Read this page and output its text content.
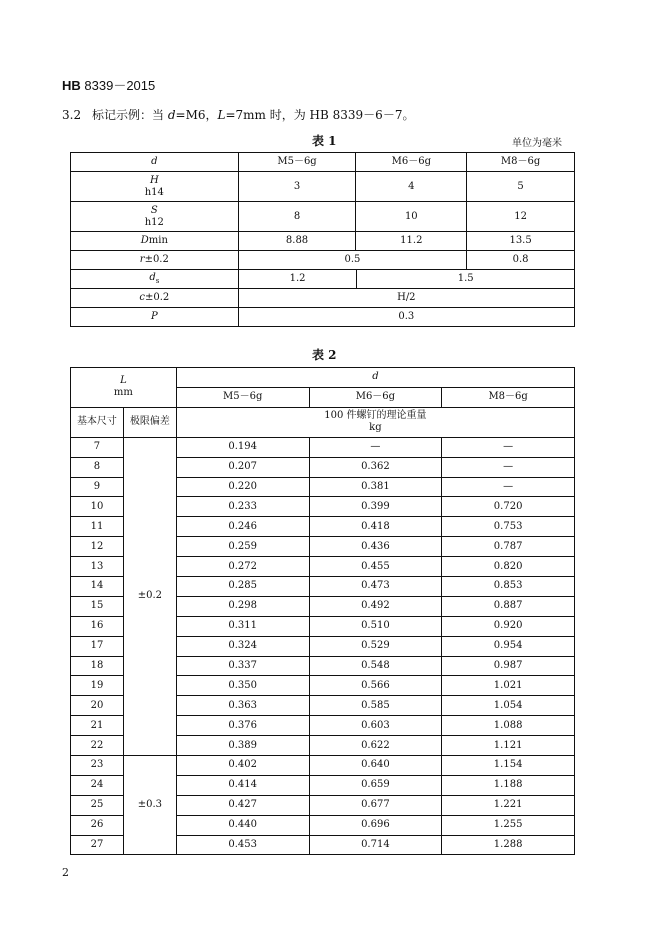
HB 8339－2015
3.2 标记示例：当 d=M6，L=7mm 时，为 HB 8339－6－7。
表 1	单位为毫米
d	M5－6g	M6－6g	M8－6g
H
h14	3	4	5
S
h12	8	10	12
Dmin	8.88	11.2	13.5
r±0.2	0.5		0.8
$d_s$	1.2	1.5	
c±0.2	H/2		
P	0.3		
表 2
L
mm		d		
		M5－6g	M6－6g	M8－6g
基本尺寸	极限偏差	100 件螺钉的理论重量
kg		
7	±0.2	0.194	—	—
8		0.207	0.362	—
9		0.220	0.381	—
10		0.233	0.399	0.720
11		0.246	0.418	0.753
12		0.259	0.436	0.787
13		0.272	0.455	0.820
14		0.285	0.473	0.853
15		0.298	0.492	0.887
16		0.311	0.510	0.920
17		0.324	0.529	0.954
18		0.337	0.548	0.987
19		0.350	0.566	1.021
20		0.363	0.585	1.054
21		0.376	0.603	1.088
22		0.389	0.622	1.121
23	±0.3	0.402	0.640	1.154
24		0.414	0.659	1.188
25		0.427	0.677	1.221
26		0.440	0.696	1.255
27		0.453	0.714	1.288
2
